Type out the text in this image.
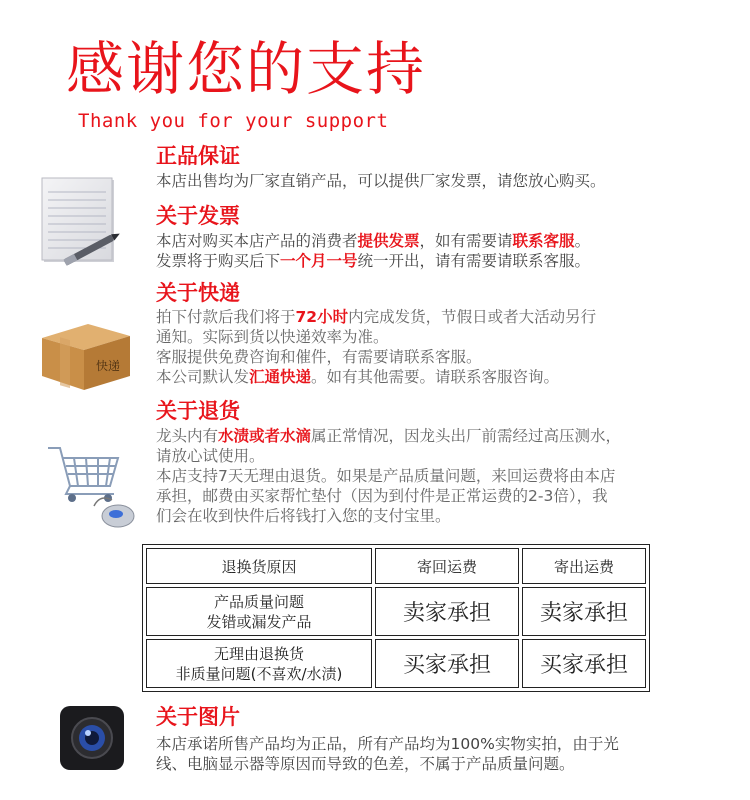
感谢您的支持
Thank you for your support
正品保证
本店出售均为厂家直销产品，可以提供厂家发票，请您放心购买。
关于发票
本店对购买本店产品的消费者提供发票，如有需要请联系客服。
发票将于购买后下一个月一号统一开出，请有需要请联系客服。
快递
关于快递
拍下付款后我们将于72小时内完成发货，节假日或者大活动另行
通知。实际到货以快递效率为准。
客服提供免费咨询和催件，有需要请联系客服。
本公司默认发汇通快递。如有其他需要。请联系客服咨询。
关于退货
龙头内有水渍或者水滴属正常情况，因龙头出厂前需经过高压测水，
请放心试使用。
本店支持7天无理由退货。如果是产品质量问题，来回运费将由本店
承担，邮费由买家帮忙垫付（因为到付件是正常运费的2-3倍），我
们会在收到快件后将钱打入您的支付宝里。
退换货原因	寄回运费	寄出运费

产品质量问题
发错或漏发产品	卖家承担	卖家承担

无理由退换货
非质量问题(不喜欢/水渍)	买家承担	买家承担
关于图片
本店承诺所售产品均为正品，所有产品均为100%实物实拍，由于光
线、电脑显示器等原因而导致的色差，不属于产品质量问题。
